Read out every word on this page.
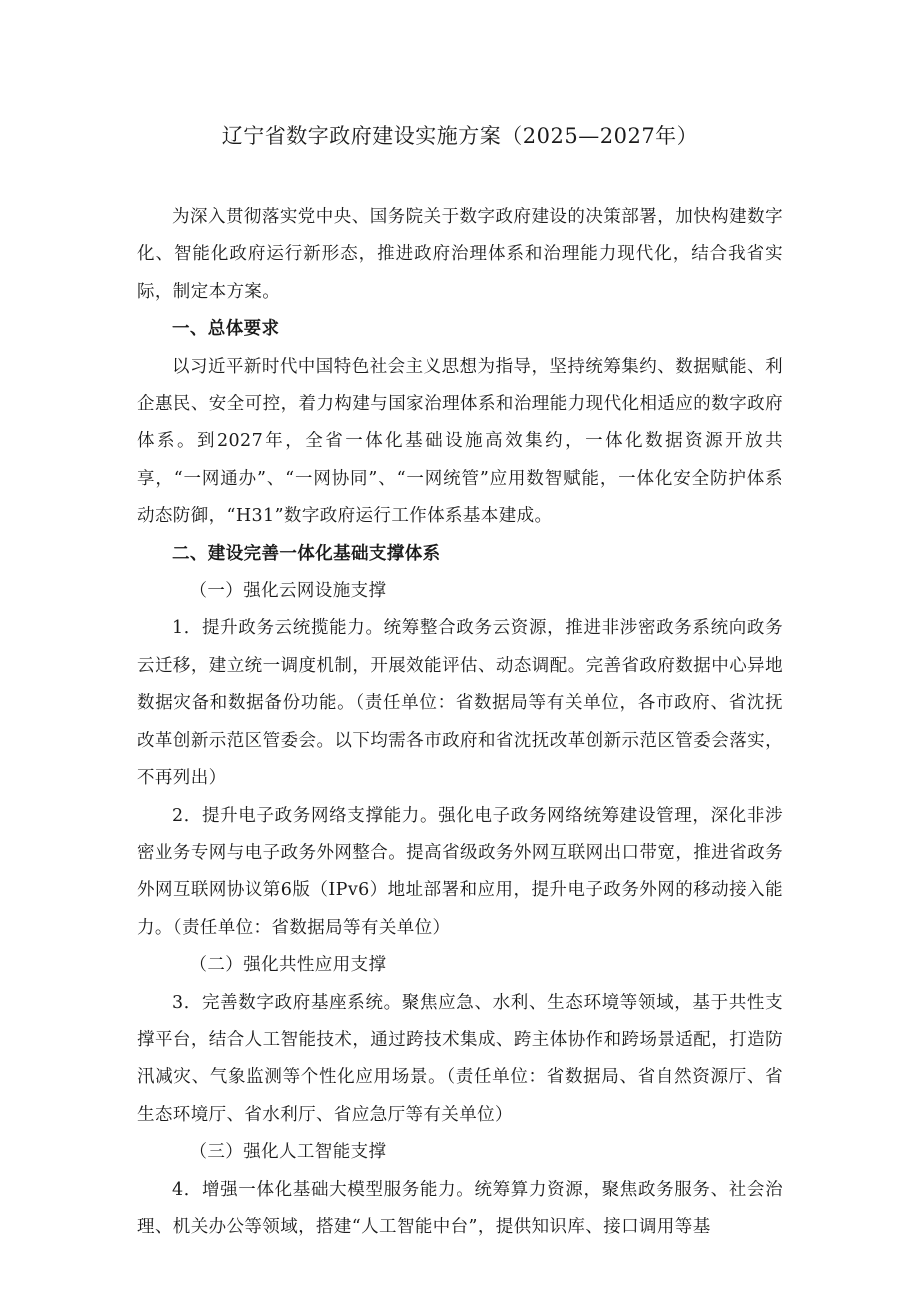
辽宁省数字政府建设实施方案（2025—2027年）

为深入贯彻落实党中央、国务院关于数字政府建设的决策部署，加快构建数字化、智能化政府运行新形态，推进政府治理体系和治理能力现代化，结合我省实际，制定本方案。

一、总体要求

以习近平新时代中国特色社会主义思想为指导，坚持统筹集约、数据赋能、利企惠民、安全可控，着力构建与国家治理体系和治理能力现代化相适应的数字政府体系。到2027年，全省一体化基础设施高效集约，一体化数据资源开放共享，“一网通办”、“一网协同”、“一网统管”应用数智赋能，一体化安全防护体系动态防御，“H31”数字政府运行工作体系基本建成。

二、建设完善一体化基础支撑体系

（一）强化云网设施支撑

1．提升政务云统揽能力。统筹整合政务云资源，推进非涉密政务系统向政务云迁移，建立统一调度机制，开展效能评估、动态调配。完善省政府数据中心异地数据灾备和数据备份功能。（责任单位：省数据局等有关单位，各市政府、省沈抚改革创新示范区管委会。以下均需各市政府和省沈抚改革创新示范区管委会落实，不再列出）

2．提升电子政务网络支撑能力。强化电子政务网络统筹建设管理，深化非涉密业务专网与电子政务外网整合。提高省级政务外网互联网出口带宽，推进省政务外网互联网协议第6版（IPv6）地址部署和应用，提升电子政务外网的移动接入能力。（责任单位：省数据局等有关单位）

（二）强化共性应用支撑

3．完善数字政府基座系统。聚焦应急、水利、生态环境等领域，基于共性支撑平台，结合人工智能技术，通过跨技术集成、跨主体协作和跨场景适配，打造防汛减灾、气象监测等个性化应用场景。（责任单位：省数据局、省自然资源厅、省生态环境厅、省水利厅、省应急厅等有关单位）

（三）强化人工智能支撑

4．增强一体化基础大模型服务能力。统筹算力资源，聚焦政务服务、社会治理、机关办公等领域，搭建“人工智能中台”，提供知识库、接口调用等基
